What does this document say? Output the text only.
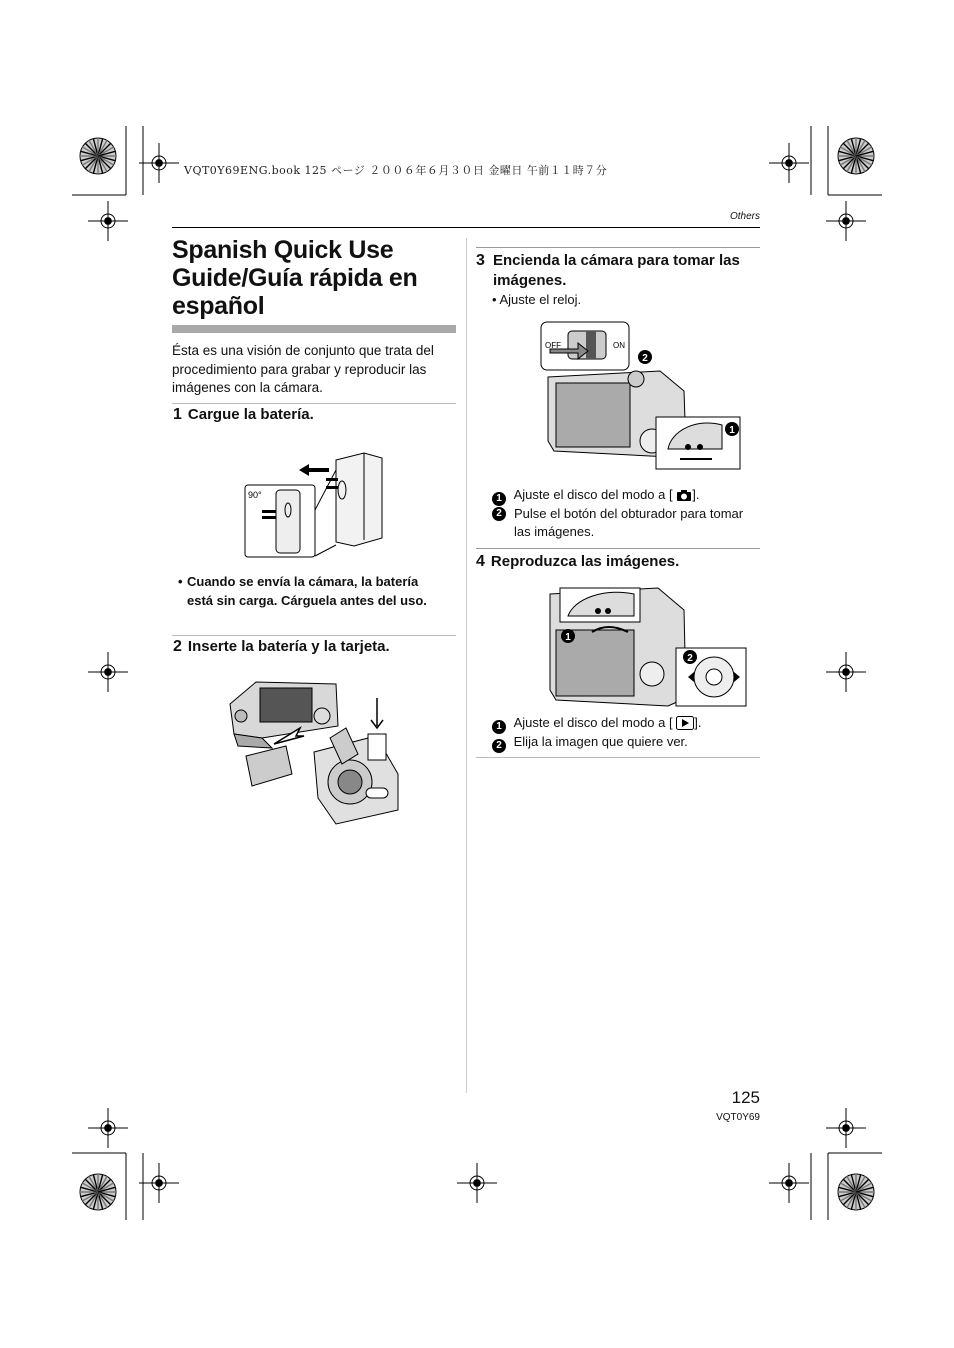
VQT0Y69ENG.book 125 ページ ２００６年６月３０日 金曜日 午前１１時７分
Others
Spanish Quick Use Guide/Guía rápida en español
Ésta es una visión de conjunto que trata del procedimiento para grabar y reproducir las imágenes con la cámara.
1 Cargue la batería.
90°
• Cuando se envía la cámara, la batería está sin carga. Cárguela antes del uso.
2 Inserte la batería y la tarjeta.
3 Encienda la cámara para tomar las imágenes.
• Ajuste el reloj.
OFF	ON
2
1
1 Ajuste el disco del modo a [ ].
2 Pulse el botón del obturador para tomar las imágenes.
4 Reproduzca las imágenes.
1
2
1 Ajuste el disco del modo a [ ].
2 Elija la imagen que quiere ver.
125
VQT0Y69
